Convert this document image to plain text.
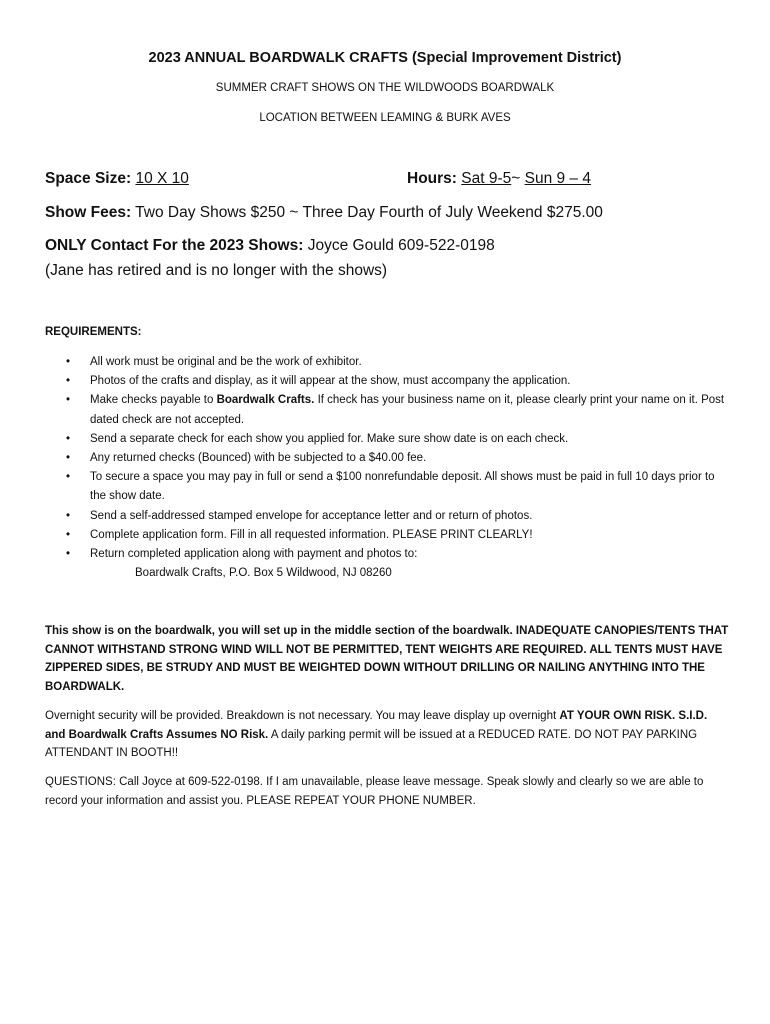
2023 ANNUAL BOARDWALK CRAFTS (Special Improvement District)
SUMMER CRAFT SHOWS ON THE WILDWOODS BOARDWALK
LOCATION BETWEEN LEAMING & BURK AVES
Space Size: 10 X 10	Hours: Sat 9-5~ Sun 9 – 4
Show Fees: Two Day Shows $250 ~ Three Day Fourth of July Weekend $275.00
ONLY Contact For the 2023 Shows: Joyce Gould 609-522-0198
(Jane has retired and is no longer with the shows)
REQUIREMENTS:
• All work must be original and be the work of exhibitor.
• Photos of the crafts and display, as it will appear at the show, must accompany the application.
• Make checks payable to Boardwalk Crafts. If check has your business name on it, please clearly print your name on it. Post dated check are not accepted.
• Send a separate check for each show you applied for. Make sure show date is on each check.
• Any returned checks (Bounced) with be subjected to a $40.00 fee.
• To secure a space you may pay in full or send a $100 nonrefundable deposit. All shows must be paid in full 10 days prior to the show date.
• Send a self-addressed stamped envelope for acceptance letter and or return of photos.
• Complete application form. Fill in all requested information. PLEASE PRINT CLEARLY!
• Return completed application along with payment and photos to:
Boardwalk Crafts, P.O. Box 5 Wildwood, NJ 08260
This show is on the boardwalk, you will set up in the middle section of the boardwalk. INADEQUATE CANOPIES/TENTS THAT CANNOT WITHSTAND STRONG WIND WILL NOT BE PERMITTED, TENT WEIGHTS ARE REQUIRED. ALL TENTS MUST HAVE ZIPPERED SIDES, BE STRUDY AND MUST BE WEIGHTED DOWN WITHOUT DRILLING OR NAILING ANYTHING INTO THE BOARDWALK.
Overnight security will be provided. Breakdown is not necessary. You may leave display up overnight AT YOUR OWN RISK. S.I.D. and Boardwalk Crafts Assumes NO Risk. A daily parking permit will be issued at a REDUCED RATE. DO NOT PAY PARKING ATTENDANT IN BOOTH!!
QUESTIONS: Call Joyce at 609-522-0198. If I am unavailable, please leave message. Speak slowly and clearly so we are able to record your information and assist you. PLEASE REPEAT YOUR PHONE NUMBER.
